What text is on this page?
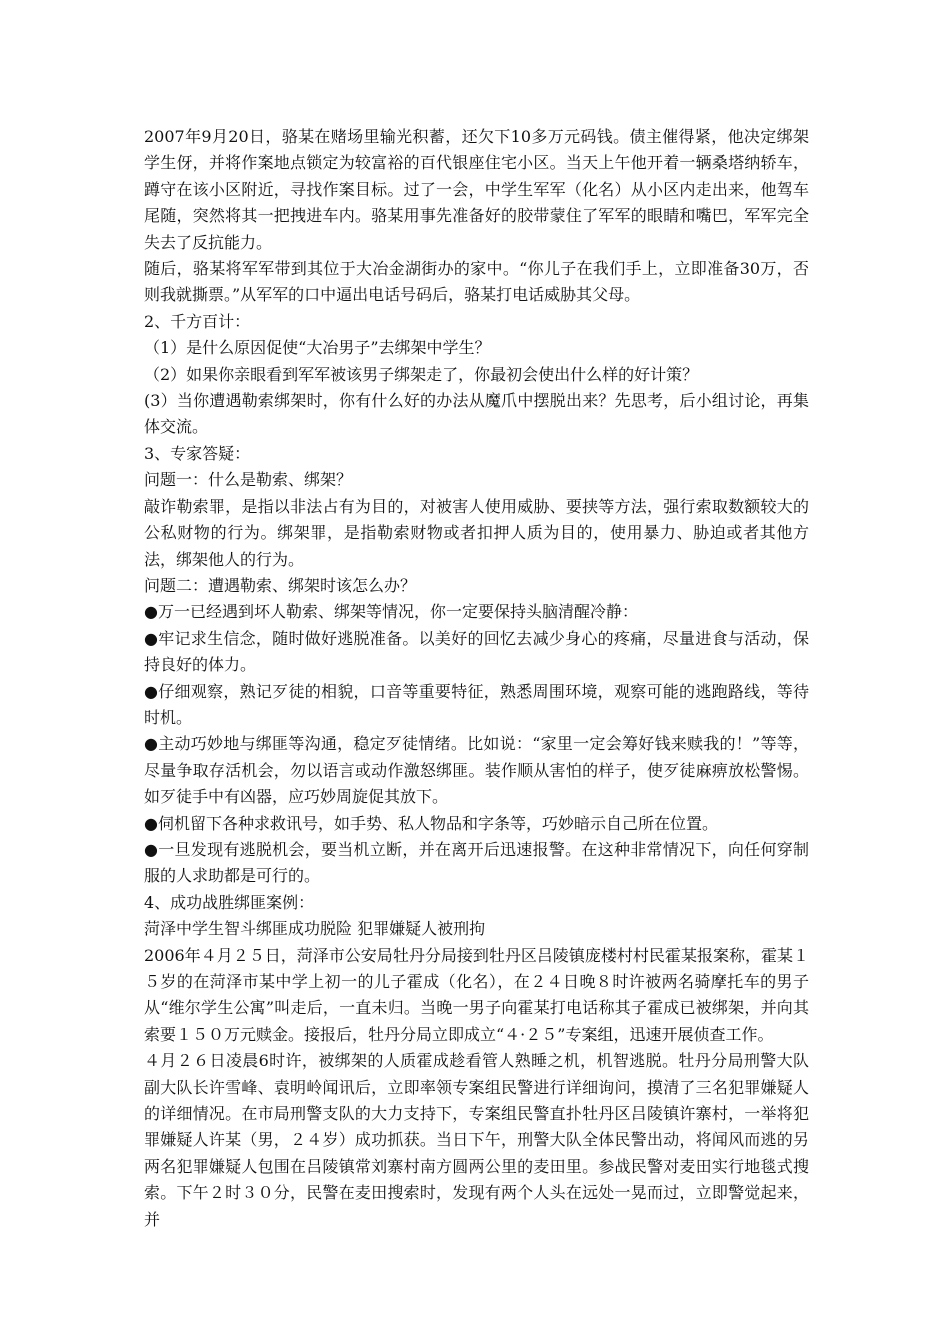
2007年9月20日，骆某在赌场里输光积蓄，还欠下10多万元码钱。债主催得紧，他决定绑架学生伢，并将作案地点锁定为较富裕的百代银座住宅小区。当天上午他开着一辆桑塔纳轿车，蹲守在该小区附近，寻找作案目标。过了一会，中学生军军（化名）从小区内走出来，他驾车尾随，突然将其一把拽进车内。骆某用事先准备好的胶带蒙住了军军的眼睛和嘴巴，军军完全失去了反抗能力。

随后，骆某将军军带到其位于大冶金湖街办的家中。“你儿子在我们手上，立即准备30万，否则我就撕票。”从军军的口中逼出电话号码后，骆某打电话威胁其父母。

2、千方百计：

（1）是什么原因促使“大冶男子”去绑架中学生？

（2）如果你亲眼看到军军被该男子绑架走了，你最初会使出什么样的好计策？

(3）当你遭遇勒索绑架时，你有什么好的办法从魔爪中摆脱出来？先思考，后小组讨论，再集体交流。

3、专家答疑：

问题一：什么是勒索、绑架？

敲诈勒索罪，是指以非法占有为目的，对被害人使用威胁、要挟等方法，强行索取数额较大的公私财物的行为。绑架罪，是指勒索财物或者扣押人质为目的，使用暴力、胁迫或者其他方法，绑架他人的行为。

问题二：遭遇勒索、绑架时该怎么办？

●万一已经遇到坏人勒索、绑架等情况，你一定要保持头脑清醒冷静：

●牢记求生信念，随时做好逃脱准备。以美好的回忆去减少身心的疼痛，尽量进食与活动，保持良好的体力。

●仔细观察，熟记歹徒的相貌，口音等重要特征，熟悉周围环境，观察可能的逃跑路线，等待时机。

●主动巧妙地与绑匪等沟通，稳定歹徒情绪。比如说：“家里一定会筹好钱来赎我的！”等等，尽量争取存活机会，勿以语言或动作激怒绑匪。装作顺从害怕的样子，使歹徒麻痹放松警惕。如歹徒手中有凶器，应巧妙周旋促其放下。

●伺机留下各种求救讯号，如手势、私人物品和字条等，巧妙暗示自己所在位置。

●一旦发现有逃脱机会，要当机立断，并在离开后迅速报警。在这种非常情况下，向任何穿制服的人求助都是可行的。

4、成功战胜绑匪案例：

菏泽中学生智斗绑匪成功脱险 犯罪嫌疑人被刑拘

2006年４月２５日，菏泽市公安局牡丹分局接到牡丹区吕陵镇庞楼村村民霍某报案称，霍某１５岁的在菏泽市某中学上初一的儿子霍成（化名），在２４日晚８时许被两名骑摩托车的男子从“维尔学生公寓”叫走后，一直未归。当晚一男子向霍某打电话称其子霍成已被绑架，并向其索要１５０万元赎金。接报后，牡丹分局立即成立“４·２５”专案组，迅速开展侦查工作。

４月２６日凌晨6时许，被绑架的人质霍成趁看管人熟睡之机，机智逃脱。牡丹分局刑警大队副大队长许雪峰、袁明岭闻讯后，立即率领专案组民警进行详细询问，摸清了三名犯罪嫌疑人的详细情况。在市局刑警支队的大力支持下，专案组民警直扑牡丹区吕陵镇许寨村，一举将犯罪嫌疑人许某（男，２４岁）成功抓获。当日下午，刑警大队全体民警出动，将闻风而逃的另两名犯罪嫌疑人包围在吕陵镇常刘寨村南方圆两公里的麦田里。参战民警对麦田实行地毯式搜索。下午２时３０分，民警在麦田搜索时，发现有两个人头在远处一晃而过，立即警觉起来，并
